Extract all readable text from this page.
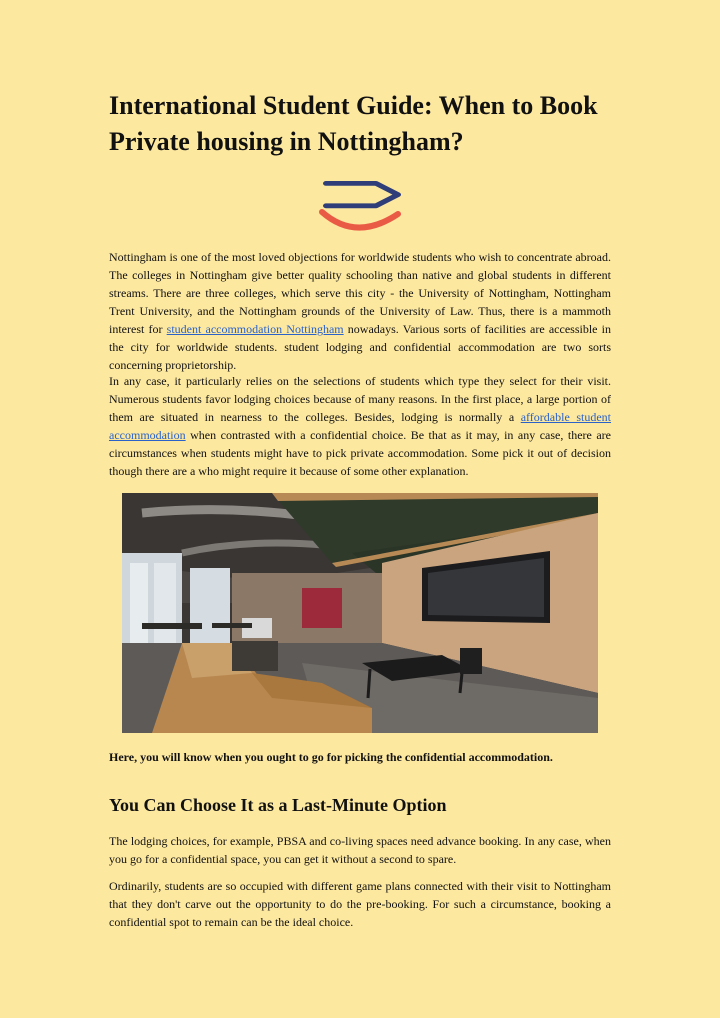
International Student Guide: When to Book Private housing in Nottingham?

Nottingham is one of the most loved objections for worldwide students who wish to concentrate abroad. The colleges in Nottingham give better quality schooling than native and global students in different streams. There are three colleges, which serve this city - the University of Nottingham, Nottingham Trent University, and the Nottingham grounds of the University of Law. Thus, there is a mammoth interest for student accommodation Nottingham nowadays. Various sorts of facilities are accessible in the city for worldwide students. student lodging and confidential accommodation are two sorts concerning proprietorship.

In any case, it particularly relies on the selections of students which type they select for their visit. Numerous students favor lodging choices because of many reasons. In the first place, a large portion of them are situated in nearness to the colleges. Besides, lodging is normally a affordable student accommodation when contrasted with a confidential choice. Be that as it may, in any case, there are circumstances when students might have to pick private accommodation. Some pick it out of decision though there are a who might require it because of some other explanation.

Here, you will know when you ought to go for picking the confidential accommodation.

You Can Choose It as a Last-Minute Option

The lodging choices, for example, PBSA and co-living spaces need advance booking. In any case, when you go for a confidential space, you can get it without a second to spare.

Ordinarily, students are so occupied with different game plans connected with their visit to Nottingham that they don't carve out the opportunity to do the pre-booking. For such a circumstance, booking a confidential spot to remain can be the ideal choice.
